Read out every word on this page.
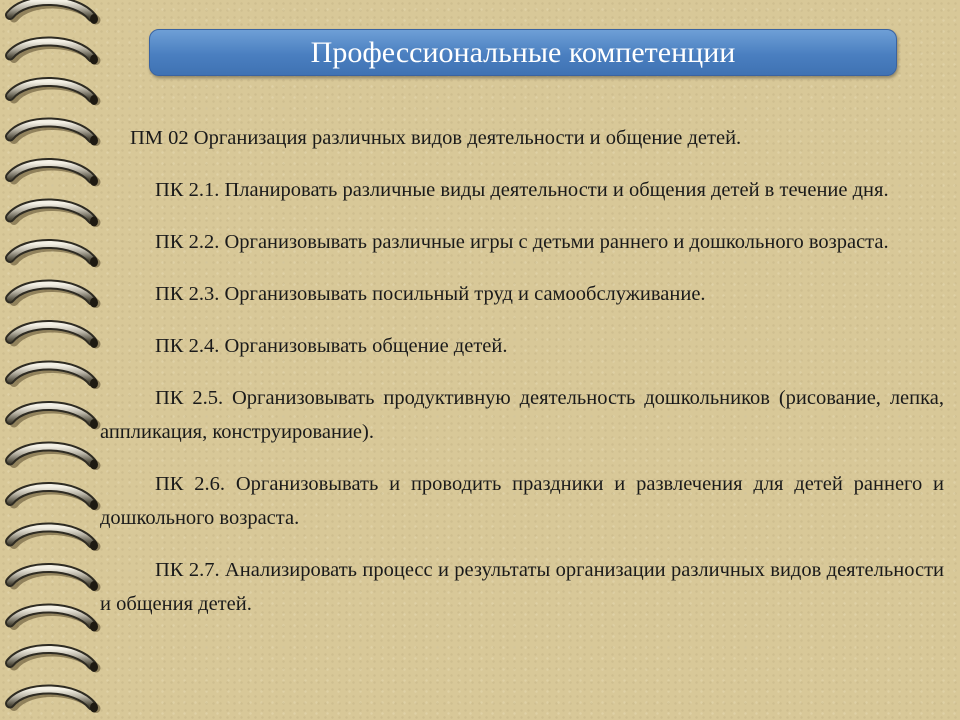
Профессиональные компетенции

ПМ 02 Организация различных видов деятельности и общение детей.

ПК 2.1. Планировать различные виды деятельности и общения детей в течение дня.

ПК 2.2. Организовывать различные игры с детьми раннего и дошкольного возраста.

ПК 2.3. Организовывать посильный труд и самообслуживание.

ПК 2.4. Организовывать общение детей.

ПК 2.5. Организовывать продуктивную деятельность дошкольников (рисование, лепка, аппликация, конструирование).

ПК 2.6. Организовывать и проводить праздники и развлечения для детей раннего и дошкольного возраста.

ПК 2.7. Анализировать процесс и результаты организации различных видов деятельности и общения детей.
